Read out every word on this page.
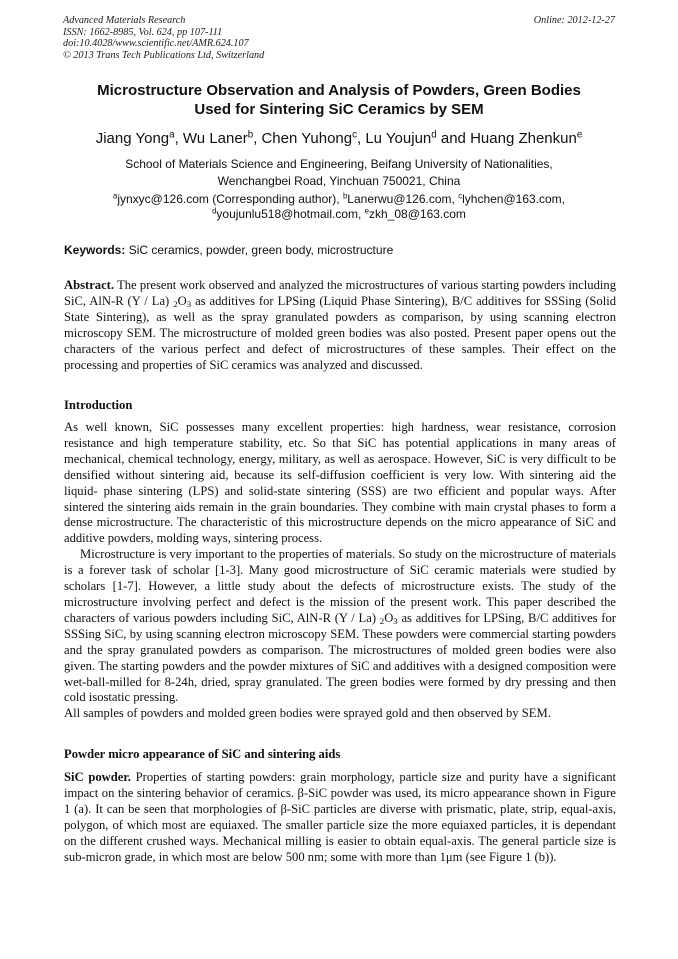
Advanced Materials Research
ISSN: 1662-8985, Vol. 624, pp 107-111
doi:10.4028/www.scientific.net/AMR.624.107
© 2013 Trans Tech Publications Ltd, Switzerland
Online: 2012-12-27
Microstructure Observation and Analysis of Powders, Green Bodies
Used for Sintering SiC Ceramics by SEM
Jiang Yong$^a$, Wu Laner$^b$, Chen Yuhong$^c$, Lu Youjun$^d$ and Huang Zhenkun$^e$
School of Materials Science and Engineering, Beifang University of Nationalities,
Wenchangbei Road, Yinchuan 750021, China
$^a$jynxyc@126.com (Corresponding author), $^b$Lanerwu@126.com, $^c$lyhchen@163.com,
$^d$youjunlu518@hotmail.com, $^e$zkh_08@163.com
Keywords: SiC ceramics, powder, green body, microstructure

Abstract. The present work observed and analyzed the microstructures of various starting powders including SiC, AlN-R (Y / La) $_2O_3$ as additives for LPSing (Liquid Phase Sintering), B/C additives for SSSing (Solid State Sintering), as well as the spray granulated powders as comparison, by using scanning electron microscopy SEM. The microstructure of molded green bodies was also posted. Present paper opens out the characters of the various perfect and defect of microstructures of these samples. Their effect on the processing and properties of SiC ceramics was analyzed and discussed.

Introduction

As well known, SiC possesses many excellent properties: high hardness, wear resistance, corrosion resistance and high temperature stability, etc. So that SiC has potential applications in many areas of mechanical, chemical technology, energy, military, as well as aerospace. However, SiC is very difficult to be densified without sintering aid, because its self-diffusion coefficient is very low. With sintering aid the liquid- phase sintering (LPS) and solid-state sintering (SSS) are two efficient and popular ways. After sintered the sintering aids remain in the grain boundaries. They combine with main crystal phases to form a dense microstructure. The characteristic of this microstructure depends on the micro appearance of SiC and additive powders, molding ways, sintering process.

Microstructure is very important to the properties of materials. So study on the microstructure of materials is a forever task of scholar [1-3]. Many good microstructure of SiC ceramic materials were studied by scholars [1-7]. However, a little study about the defects of microstructure exists. The study of the microstructure involving perfect and defect is the mission of the present work. This paper described the characters of various powders including SiC, AlN-R (Y / La) $_2O_3$ as additives for LPSing, B/C additives for SSSing SiC, by using scanning electron microscopy SEM. These powders were commercial starting powders and the spray granulated powders as comparison. The microstructures of molded green bodies were also given. The starting powders and the powder mixtures of SiC and additives with a designed composition were wet-ball-milled for 8-24h, dried, spray granulated. The green bodies were formed by dry pressing and then cold isostatic pressing.

All samples of powders and molded green bodies were sprayed gold and then observed by SEM.

Powder micro appearance of SiC and sintering aids

SiC powder. Properties of starting powders: grain morphology, particle size and purity have a significant impact on the sintering behavior of ceramics. β-SiC powder was used, its micro appearance shown in Figure 1 (a). It can be seen that morphologies of β-SiC particles are diverse with prismatic, plate, strip, equal-axis, polygon, of which most are equiaxed. The smaller particle size the more equiaxed particles, it is dependant on the different crushed ways. Mechanical milling is easier to obtain equal-axis. The general particle size is sub-micron grade, in which most are below 500 nm; some with more than 1μm (see Figure 1 (b)).
